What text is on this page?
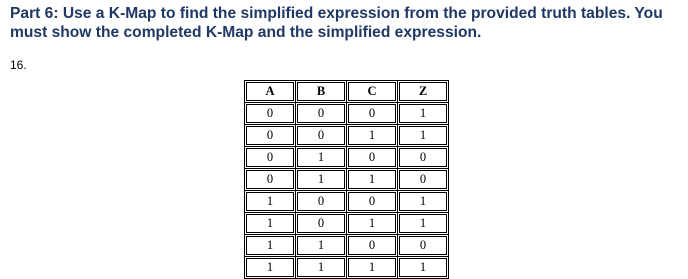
Part 6: Use a K-Map to find the simplified expression from the provided truth tables. You
must show the completed K-Map and the simplified expression.
16.
A	B	C	Z
0	0	0	1
0	0	1	1
0	1	0	0
0	1	1	0
1	0	0	1
1	0	1	1
1	1	0	0
1	1	1	1
